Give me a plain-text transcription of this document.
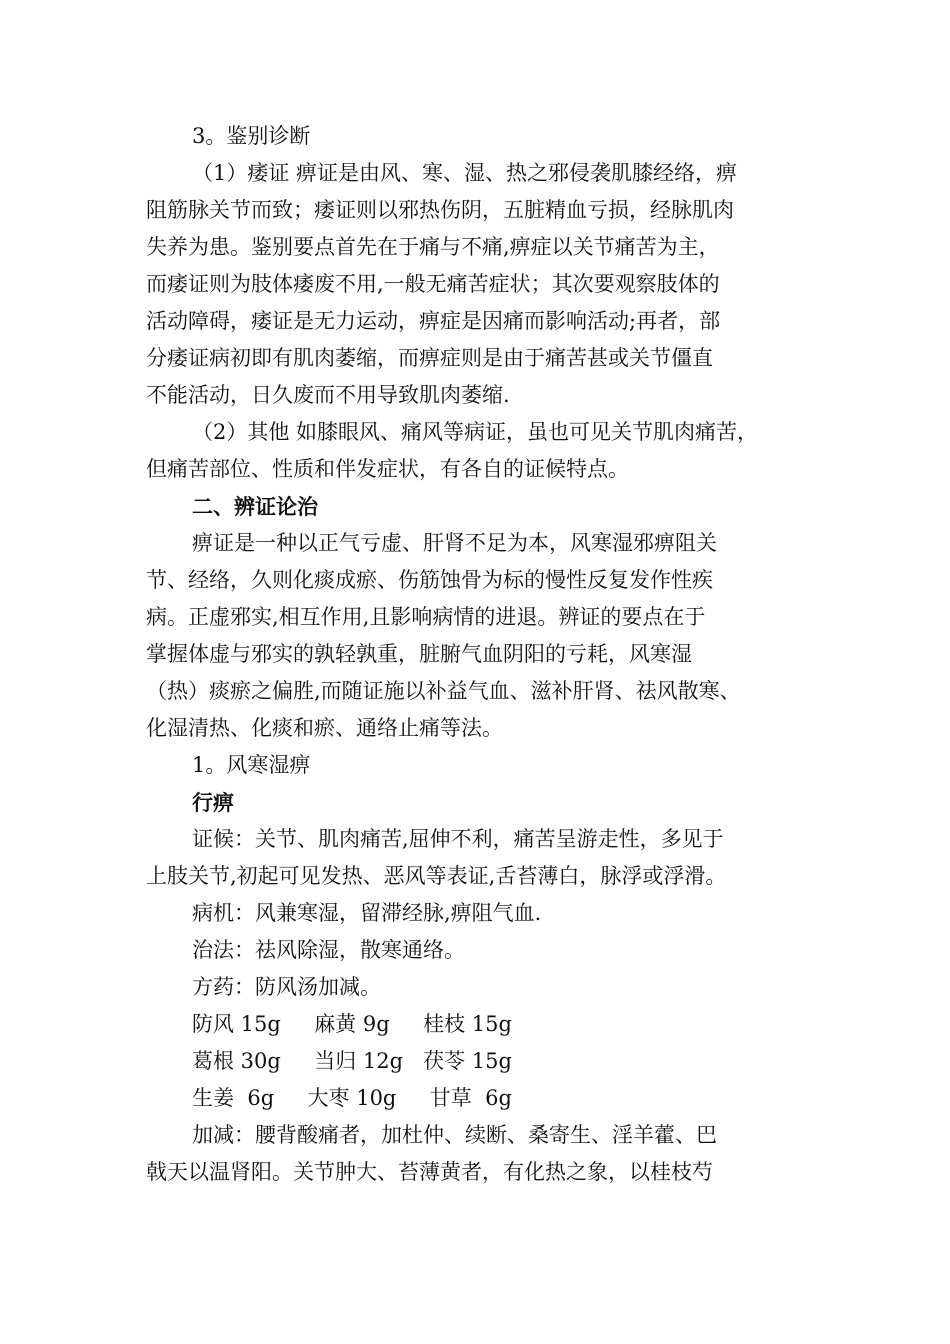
3。鉴别诊断
（1）痿证 痹证是由风、寒、湿、热之邪侵袭肌膝经络，痹
阻筋脉关节而致；痿证则以邪热伤阴，五脏精血亏损，经脉肌肉
失养为患。鉴别要点首先在于痛与不痛,痹症以关节痛苦为主，
而痿证则为肢体痿废不用,一般无痛苦症状；其次要观察肢体的
活动障碍，痿证是无力运动，痹症是因痛而影响活动;再者，部
分痿证病初即有肌肉萎缩，而痹症则是由于痛苦甚或关节僵直
不能活动，日久废而不用导致肌肉萎缩.
（2）其他 如膝眼风、痛风等病证，虽也可见关节肌肉痛苦，
但痛苦部位、性质和伴发症状，有各自的证候特点。
二、辨证论治
痹证是一种以正气亏虚、肝肾不足为本，风寒湿邪痹阻关
节、经络，久则化痰成瘀、伤筋蚀骨为标的慢性反复发作性疾
病。正虚邪实,相互作用,且影响病情的进退。辨证的要点在于
掌握体虚与邪实的孰轻孰重，脏腑气血阴阳的亏耗，风寒湿
（热）痰瘀之偏胜,而随证施以补益气血、滋补肝肾、祛风散寒、
化湿清热、化痰和瘀、通络止痛等法。
1。风寒湿痹
行痹
证候：关节、肌肉痛苦,屈伸不利，痛苦呈游走性，多见于
上肢关节,初起可见发热、恶风等表证,舌苔薄白，脉浮或浮滑。
病机：风兼寒湿，留滞经脉,痹阻气血.
治法：祛风除湿，散寒通络。
方药：防风汤加减。
防风 15g     麻黄 9g     桂枝 15g
葛根 30g     当归 12g   茯苓 15g
生姜  6g     大枣 10g     甘草  6g
加减：腰背酸痛者，加杜仲、续断、桑寄生、淫羊藿、巴
戟天以温肾阳。关节肿大、苔薄黄者，有化热之象，以桂枝芍
